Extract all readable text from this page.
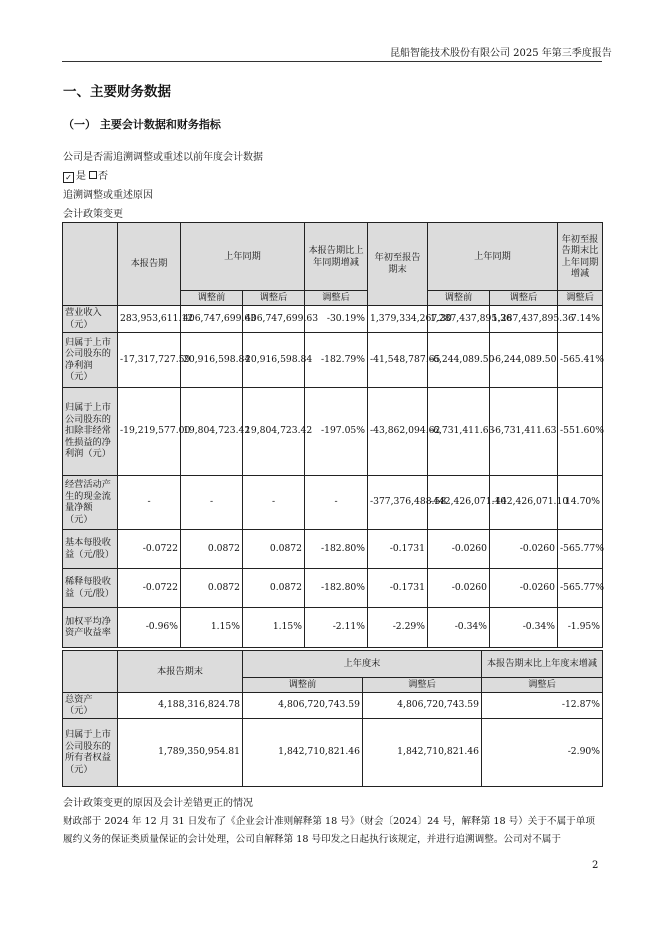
昆船智能技术股份有限公司 2025 年第三季度报告
一、主要财务数据
（一） 主要会计数据和财务指标
公司是否需追溯调整或重述以前年度会计数据
✓ 是 否
追溯调整或重述原因
会计政策变更
	本报告期	上年同期		本报告期比上年同期增减	年初至报告期末	上年同期		年初至报告期末比上年同期增减
		调整前	调整后	调整后		调整前	调整后	调整后
营业收入（元）	283,953,611.12	406,747,699.63	406,747,699.63	-30.19%	1,379,334,267.30	1,287,437,895.36	1,287,437,895.36	7.14%
归属于上市公司股东的净利润（元）	-17,317,727.59	20,916,598.84	20,916,598.84	-182.79%	-41,548,787.65	-6,244,089.50	-6,244,089.50	-565.41%
归属于上市公司股东的扣除非经常性损益的净利润（元）	-19,219,577.00	19,804,723.42	19,804,723.42	-197.05%	-43,862,094.62	-6,731,411.63	-6,731,411.63	-551.60%
经营活动产生的现金流量净额（元）	-	-	-	-	-377,376,488.58	-442,426,071.10	-442,426,071.10	14.70%
基本每股收益（元/股）	-0.0722	0.0872	0.0872	-182.80%	-0.1731	-0.0260	-0.0260	-565.77%
稀释每股收益（元/股）	-0.0722	0.0872	0.0872	-182.80%	-0.1731	-0.0260	-0.0260	-565.77%
加权平均净资产收益率	-0.96%	1.15%	1.15%	-2.11%	-2.29%	-0.34%	-0.34%	-1.95%
	本报告期末	上年度末		本报告期末比上年度末增减
		调整前	调整后	调整后
总资产（元）	4,188,316,824.78	4,806,720,743.59	4,806,720,743.59	-12.87%
归属于上市公司股东的所有者权益（元）	1,789,350,954.81	1,842,710,821.46	1,842,710,821.46	-2.90%
会计政策变更的原因及会计差错更正的情况
财政部于 2024 年 12 月 31 日发布了《企业会计准则解释第 18 号》（财会〔2024〕24 号，解释第 18 号）关于不属于单项履约义务的保证类质量保证的会计处理，公司自解释第 18 号印发之日起执行该规定，并进行追溯调整。公司对不属于
2
